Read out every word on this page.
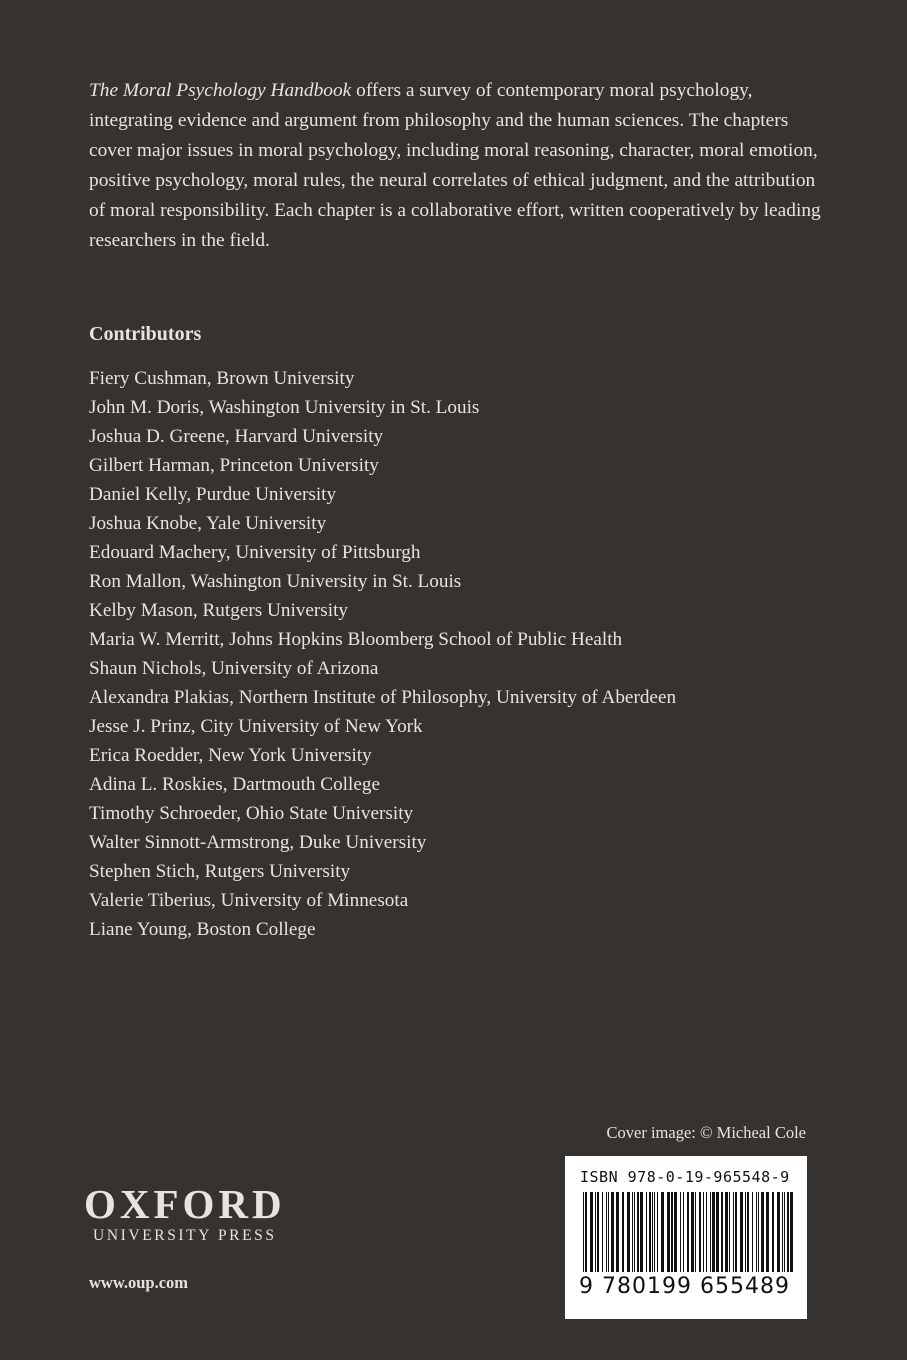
The Moral Psychology Handbook offers a survey of contemporary moral psychology, integrating evidence and argument from philosophy and the human sciences. The chapters cover major issues in moral psychology, including moral reasoning, character, moral emotion, positive psychology, moral rules, the neural correlates of ethical judgment, and the attribution of moral responsibility. Each chapter is a collaborative effort, written cooperatively by leading researchers in the field.

Contributors
Fiery Cushman, Brown University
John M. Doris, Washington University in St. Louis
Joshua D. Greene, Harvard University
Gilbert Harman, Princeton University
Daniel Kelly, Purdue University
Joshua Knobe, Yale University
Edouard Machery, University of Pittsburgh
Ron Mallon, Washington University in St. Louis
Kelby Mason, Rutgers University
Maria W. Merritt, Johns Hopkins Bloomberg School of Public Health
Shaun Nichols, University of Arizona
Alexandra Plakias, Northern Institute of Philosophy, University of Aberdeen
Jesse J. Prinz, City University of New York
Erica Roedder, New York University
Adina L. Roskies, Dartmouth College
Timothy Schroeder, Ohio State University
Walter Sinnott-Armstrong, Duke University
Stephen Stich, Rutgers University
Valerie Tiberius, University of Minnesota
Liane Young, Boston College

Cover image: © Micheal Cole

ISBN 978-0-19-965548-9
9 780199 655489
OXFORD
UNIVERSITY PRESS

www.oup.com
